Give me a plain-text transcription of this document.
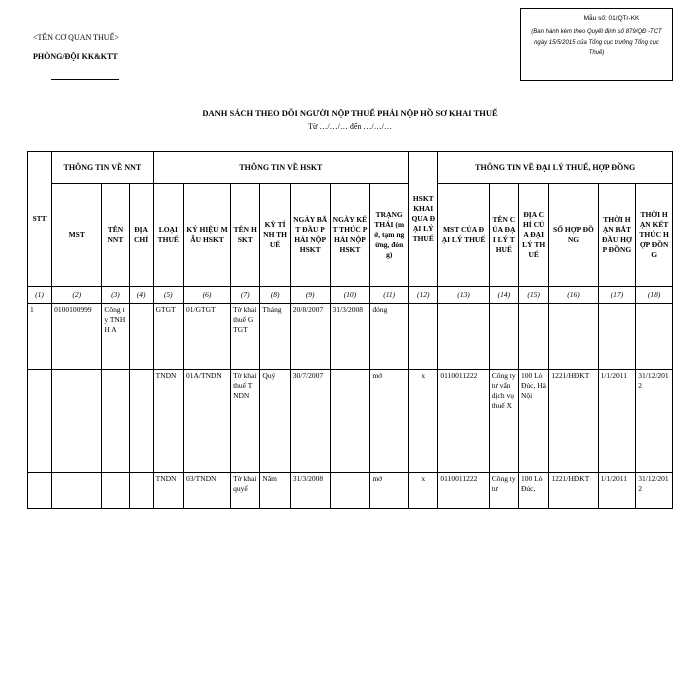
<TÊN CƠ QUAN THUẾ>
PHÒNG/ĐỘI KK&KTT
Mẫu số: 01/QTr-KK
(Ban hành kèm theo Quyết định số 879/QĐ -TCT ngày 15/5/2015 của Tổng cục trưởng Tổng cục Thuế)
DANH SÁCH THEO DÕI NGƯỜI NỘP THUẾ PHẢI NỘP HỒ SƠ KHAI THUẾ
Từ …/…/… đến …/…/…
STT	THÔNG TIN VỀ NNT			THÔNG TIN VỀ HSKT							HSKT KHAI QUA ĐẠI LÝ THUẾ	THÔNG TIN VỀ ĐẠI LÝ THUẾ, HỢP ĐỒNG					
	MST	TÊN NNT	ĐỊA CHỈ	LOẠI THUẾ	KÝ HIỆU MẪU HSKT	TÊN HSKT	KỲ TÍNH THUẾ	NGÀY BẮT ĐẦU PHẢI NỘP HSKT	NGÀY KẾT THÚC PHẢI NỘP HSKT	TRẠNG THÁI (mở, tạm ngừng, đóng)		MST CỦA ĐẠI LÝ THUẾ	TÊN CỦA ĐẠI LÝ THUẾ	ĐỊA CHỈ CỦA ĐẠI LÝ THUẾ	SỐ HỢP ĐỒNG	THỜI HẠN BẮT ĐẦU HỢP ĐỒNG	THỜI HẠN KẾT THÚC HỢP ĐỒNG
(1)	(2)	(3)	(4)	(5)	(6)	(7)	(8)	(9)	(10)	(11)	(12)	(13)	(14)	(15)	(16)	(17)	(18)
1	0100100999	Công ty TNHH A		GTGT	01/GTGT	Tờ khai thuế GTGT	Tháng	20/8/2007	31/3/2008	đóng							
				TNDN	01A/TNDN	Tờ khai thuế TNDN	Quý	30/7/2007		mở	x	0110011222	Công ty tư vấn dịch vụ thuế X	100 Lò Đúc, Hà Nội	1221/HĐKT	1/1/2011	31/12/2012
				TNDN	03/TNDN	Tờ khai quyế	Năm	31/3/2008		mở	x	0110011222	Công ty tư	100 Lò Đúc,	1221/HĐKT	1/1/2011	31/12/2012
